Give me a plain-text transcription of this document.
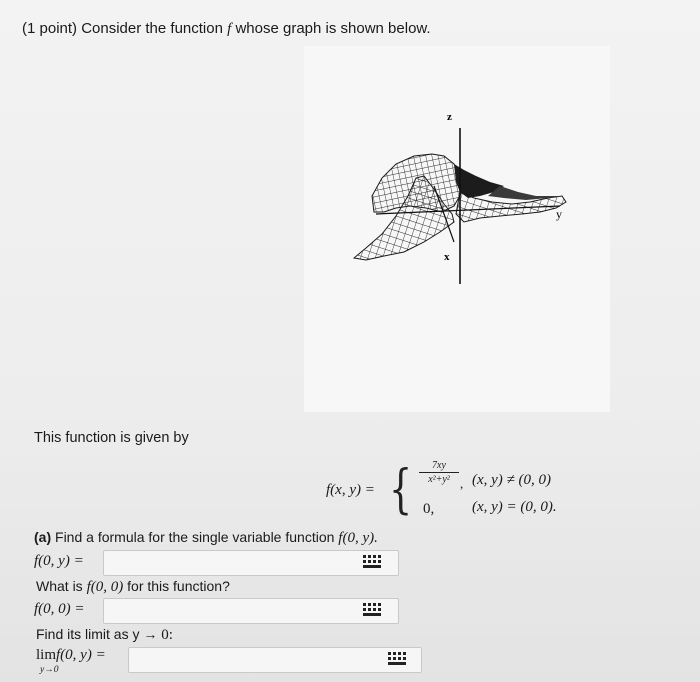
(1 point) Consider the function f whose graph is shown below.
z
y
x
This function is given by
f(x, y) = { $\frac{7xy}{\text{x²+y²}}$ ,
0,
(x, y) ≠ (0, 0)
(x, y) = (0, 0).
(a) Find a formula for the single variable function f(0, y).
f(0, y) =
What is f(0, 0) for this function?
f(0, 0) =
Find its limit as y → 0:
limf(0, y) =
y→0
